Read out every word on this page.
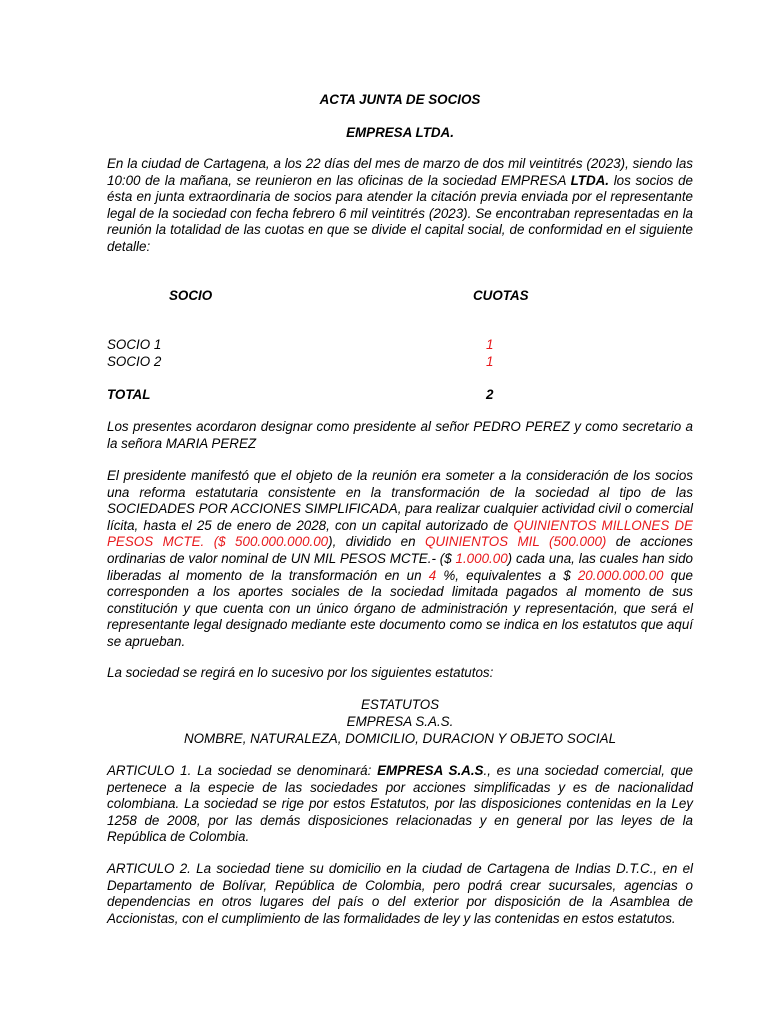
ACTA JUNTA DE SOCIOS
EMPRESA LTDA.
En la ciudad de Cartagena, a los 22 días del mes de marzo de dos mil veintitrés (2023), siendo las 10:00 de la mañana, se reunieron en las oficinas de la sociedad EMPRESA LTDA. los socios de ésta en junta extraordinaria de socios para atender la citación previa enviada por el representante legal de la sociedad con fecha febrero 6 mil veintitrés (2023). Se encontraban representadas en la reunión la totalidad de las cuotas en que se divide el capital social, de conformidad en el siguiente detalle:
SOCIO	CUOTAS
SOCIO 1	1
SOCIO 2	1
TOTAL	2
Los presentes acordaron designar como presidente al señor PEDRO PEREZ y como secretario a la señora MARIA PEREZ
El presidente manifestó que el objeto de la reunión era someter a la consideración de los socios una reforma estatutaria consistente en la transformación de la sociedad al tipo de las SOCIEDADES POR ACCIONES SIMPLIFICADA, para realizar cualquier actividad civil o comercial lícita, hasta el 25 de enero de 2028, con un capital autorizado de QUINIENTOS MILLONES DE PESOS MCTE. ($ 500.000.000.00), dividido en QUINIENTOS MIL (500.000) de acciones ordinarias de valor nominal de UN MIL PESOS MCTE.- ($ 1.000.00) cada una, las cuales han sido liberadas al momento de la transformación en un 4 %, equivalentes a $ 20.000.000.00 que corresponden a los aportes sociales de la sociedad limitada pagados al momento de sus constitución y que cuenta con un único órgano de administración y representación, que será el representante legal designado mediante este documento como se indica en los estatutos que aquí se aprueban.
La sociedad se regirá en lo sucesivo por los siguientes estatutos:
ESTATUTOS
EMPRESA S.A.S.
NOMBRE, NATURALEZA, DOMICILIO, DURACION Y OBJETO SOCIAL
ARTICULO 1. La sociedad se denominará: EMPRESA S.A.S., es una sociedad comercial, que pertenece a la especie de las sociedades por acciones simplificadas y es de nacionalidad colombiana. La sociedad se rige por estos Estatutos, por las disposiciones contenidas en la Ley 1258 de 2008, por las demás disposiciones relacionadas y en general por las leyes de la República de Colombia.
ARTICULO 2. La sociedad tiene su domicilio en la ciudad de Cartagena de Indias D.T.C., en el Departamento de Bolívar, República de Colombia, pero podrá crear sucursales, agencias o dependencias en otros lugares del país o del exterior por disposición de la Asamblea de Accionistas, con el cumplimiento de las formalidades de ley y las contenidas en estos estatutos.
